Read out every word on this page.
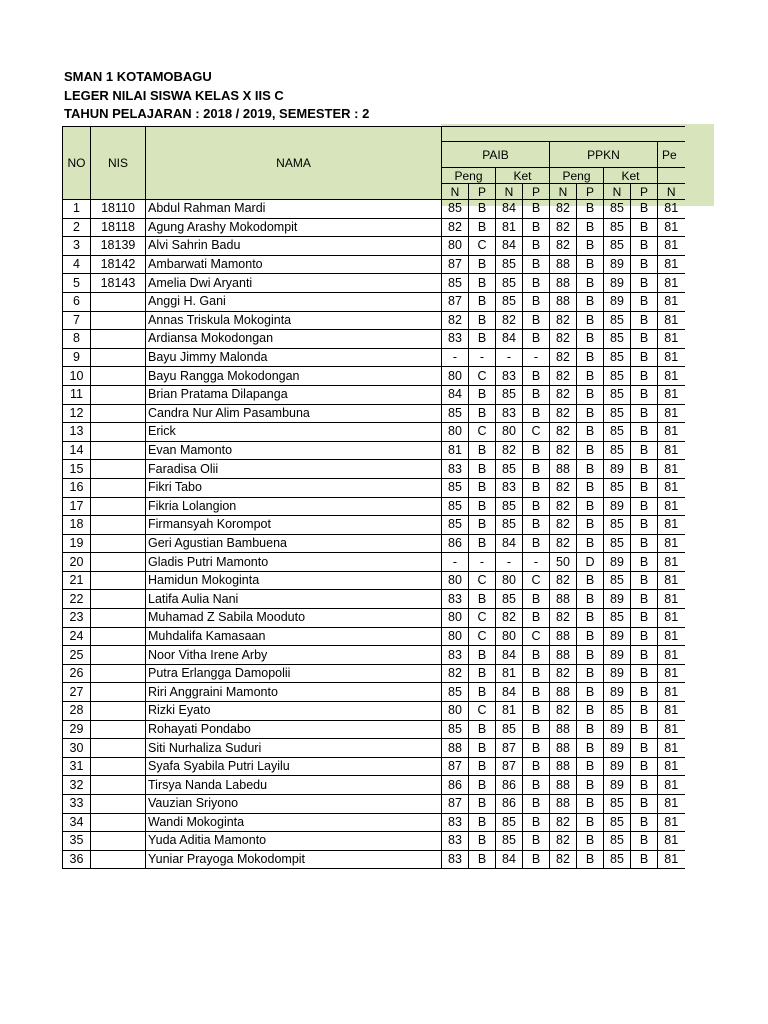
SMAN 1 KOTAMOBAGU
LEGER NILAI SISWA KELAS X IIS C
TAHUN PELAJARAN : 2018 / 2019, SEMESTER : 2
NO	NIS	NAMA									
			PAIB				PPKN				Pe
			Peng		Ket		Peng		Ket		
			N	P	N	P	N	P	N	P	N
1	18110	Abdul Rahman Mardi	85	B	84	B	82	B	85	B	81
2	18118	Agung Arashy Mokodompit	82	B	81	B	82	B	85	B	81
3	18139	Alvi Sahrin Badu	80	C	84	B	82	B	85	B	81
4	18142	Ambarwati Mamonto	87	B	85	B	88	B	89	B	81
5	18143	Amelia Dwi Aryanti	85	B	85	B	88	B	89	B	81
6		Anggi H. Gani	87	B	85	B	88	B	89	B	81
7		Annas Triskula Mokoginta	82	B	82	B	82	B	85	B	81
8		Ardiansa Mokodongan	83	B	84	B	82	B	85	B	81
9		Bayu Jimmy Malonda	-	-	-	-	82	B	85	B	81
10		Bayu Rangga Mokodongan	80	C	83	B	82	B	85	B	81
11		Brian Pratama Dilapanga	84	B	85	B	82	B	85	B	81
12		Candra Nur Alim Pasambuna	85	B	83	B	82	B	85	B	81
13		Erick	80	C	80	C	82	B	85	B	81
14		Evan Mamonto	81	B	82	B	82	B	85	B	81
15		Faradisa Olii	83	B	85	B	88	B	89	B	81
16		Fikri Tabo	85	B	83	B	82	B	85	B	81
17		Fikria Lolangion	85	B	85	B	82	B	89	B	81
18		Firmansyah Korompot	85	B	85	B	82	B	85	B	81
19		Geri Agustian Bambuena	86	B	84	B	82	B	85	B	81
20		Gladis Putri Mamonto	-	-	-	-	50	D	89	B	81
21		Hamidun Mokoginta	80	C	80	C	82	B	85	B	81
22		Latifa Aulia Nani	83	B	85	B	88	B	89	B	81
23		Muhamad Z Sabila Mooduto	80	C	82	B	82	B	85	B	81
24		Muhdalifa Kamasaan	80	C	80	C	88	B	89	B	81
25		Noor Vitha Irene Arby	83	B	84	B	88	B	89	B	81
26		Putra Erlangga Damopolii	82	B	81	B	82	B	89	B	81
27		Riri Anggraini Mamonto	85	B	84	B	88	B	89	B	81
28		Rizki Eyato	80	C	81	B	82	B	85	B	81
29		Rohayati Pondabo	85	B	85	B	88	B	89	B	81
30		Siti Nurhaliza Suduri	88	B	87	B	88	B	89	B	81
31		Syafa Syabila Putri Layilu	87	B	87	B	88	B	89	B	81
32		Tirsya Nanda Labedu	86	B	86	B	88	B	89	B	81
33		Vauzian Sriyono	87	B	86	B	88	B	85	B	81
34		Wandi Mokoginta	83	B	85	B	82	B	85	B	81
35		Yuda Aditia Mamonto	83	B	85	B	82	B	85	B	81
36		Yuniar Prayoga Mokodompit	83	B	84	B	82	B	85	B	81
